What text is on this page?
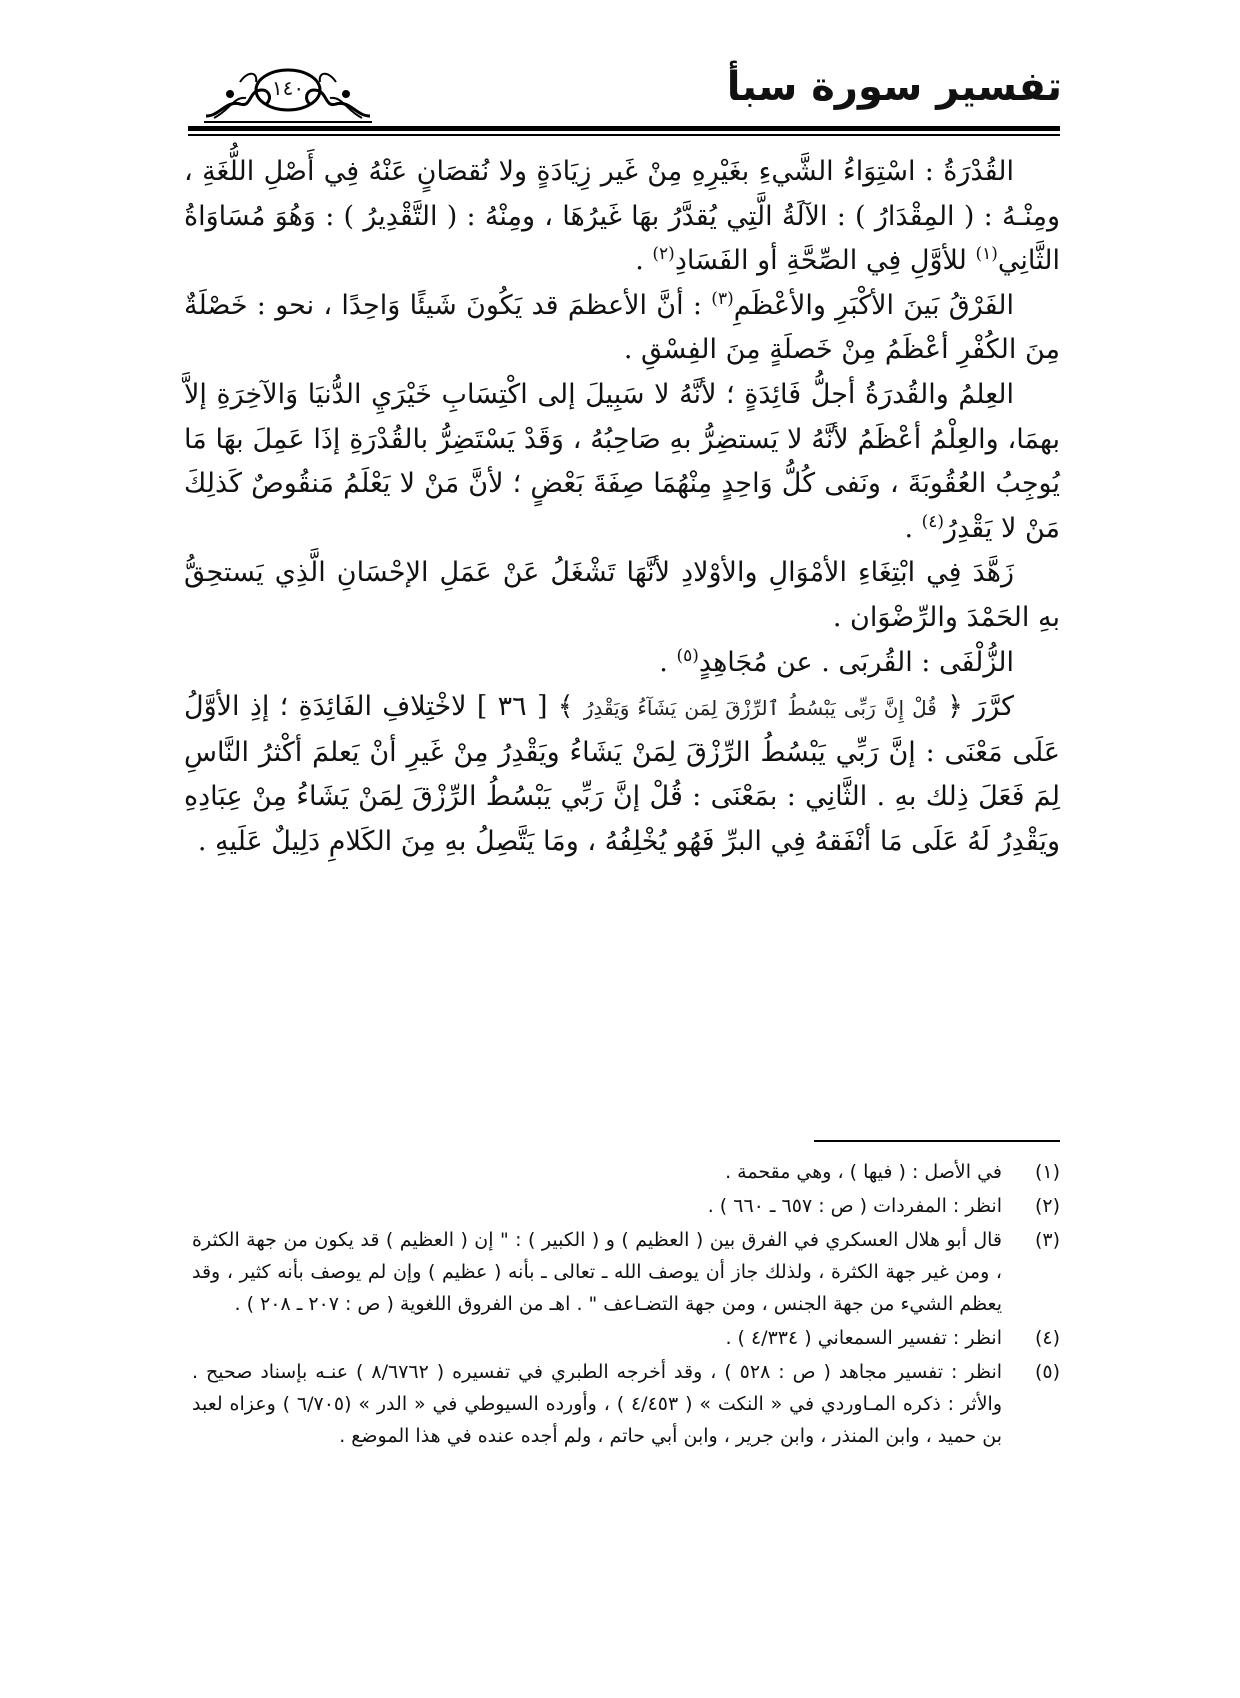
تفسير سورة سبأ
١٤٠

القُدْرَةُ : اسْتِوَاءُ الشَّيءِ بغَيْرِهِ مِنْ غَير زِيَادَةٍ ولا نُقصَانٍ عَنْهُ فِي أَصْلِ اللُّغَةِ ، ومِنْـهُ : ( المِقْدَارُ ) : الآلَةُ الَّتِي يُقدَّرُ بهَا غَيرُهَا ، ومِنْهُ : ( التَّقْدِيرُ ) : وَهُوَ مُسَاوَاةُ الثَّانِي$^{(١)}$ للأوَّلِ فِي الصِّحَّةِ أو الفَسَادِ$^{(٢)}$ .

الفَرْقُ بَينَ الأكْبَرِ والأعْظَمِ$^{(٣)}$ : أنَّ الأعظمَ قد يَكُونَ شَيئًا وَاحِدًا ، نحو : خَصْلَةٌ مِنَ الكُفْرِ أعْظَمُ مِنْ خَصلَةٍ مِنَ الفِسْقِ .

العِلمُ والقُدرَةُ أجلُّ فَائِدَةٍ ؛ لأنَّهُ لا سَبِيلَ إلى اكْتِسَابِ خَيْرَيِ الدُّنيَا وَالآخِرَةِ إلاَّ بهمَا، والعِلْمُ أعْظَمُ لأنَّهُ لا يَستضِرُّ بهِ صَاحِبُهُ ، وَقَدْ يَسْتَضِرُّ بالقُدْرَةِ إذَا عَمِلَ بهَا مَا يُوجِبُ العُقُوبَةَ ، ونَفى كُلُّ وَاحِدٍ مِنْهُمَا صِفَةَ بَعْضٍ ؛ لأنَّ مَنْ لا يَعْلَمُ مَنقُوصٌ كَذلِكَ مَنْ لا يَقْدِرُ$^{(٤)}$ .

زَهَّدَ فِي ابْتِغَاءِ الأمْوَالِ والأوْلادِ لأنَّهَا تَشْغَلُ عَنْ عَمَلِ الإحْسَانِ الَّذِي يَستحِقُّ بهِ الحَمْدَ والرِّضْوَان .

الزُّلْفَى : القُربَى . عن مُجَاهِدٍ$^{(٥)}$ .

كرَّرَ ﴿ قُلْ إِنَّ رَبِّى يَبْسُطُ ٱلرِّزْقَ لِمَن يَشَآءُ وَيَقْدِرُ ﴾ [ ٣٦ ] لاخْتِلافِ الفَائِدَةِ ؛ إذِ الأوَّلُ عَلَى مَعْنَى : إنَّ رَبِّي يَبْسُطُ الرِّزْقَ لِمَنْ يَشَاءُ ويَقْدِرُ مِنْ غَيرِ أنْ يَعلمَ أكْثرُ النَّاسِ لِمَ فَعَلَ ذِلك بهِ . الثَّانِي : بمَعْنَى : قُلْ إنَّ رَبِّي يَبْسُطُ الرِّزْقَ لِمَنْ يَشَاءُ مِنْ عِبَادِهِ ويَقْدِرُ لَهُ عَلَى مَا أنْفَقهُ فِي البرِّ فَهُو يُخْلِفُهُ ، ومَا يَتَّصِلُ بهِ مِنَ الكَلامِ دَلِيلٌ عَلَيهِ .

(١)
في الأصل : ( فيها ) ، وهي مقحمة .
(٢)
انظر : المفردات ( ص : ٦٥٧ ـ ٦٦٠ ) .
(٣)
قال أبو هلال العسكري في الفرق بين ( العظيم ) و ( الكبير ) : " إن ( العظيم ) قد يكون من جهة الكثرة ، ومن غير جهة الكثرة ، ولذلك جاز أن يوصف الله ـ تعالى ـ بأنه ( عظيم ) وإن لم يوصف بأنه كثير ، وقد يعظم الشيء من جهة الجنس ، ومن جهة التضـاعف " . اهـ من الفروق اللغوية ( ص : ٢٠٧ ـ ٢٠٨ ) .
(٤)
انظر : تفسير السمعاني ( ٤/٣٣٤ ) .
(٥)
انظر : تفسير مجاهد ( ص : ٥٢٨ ) ، وقد أخرجه الطبري في تفسيره ( ٨/٦٧٦٢ ) عنـه بإسناد صحيح . والأثر : ذكره المـاوردي في « النكت » ( ٤/٤٥٣ ) ، وأورده السيوطي في « الدر » (٦/٧٠٥ ) وعزاه لعبد بن حميد ، وابن المنذر ، وابن جرير ، وابن أبي حاتم ، ولم أجده عنده في هذا الموضع .
